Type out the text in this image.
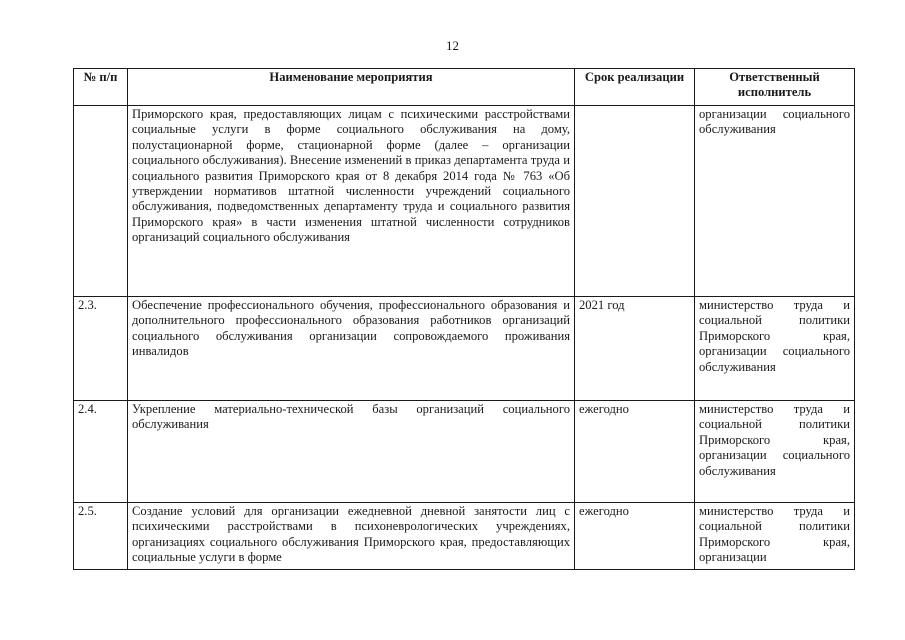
12
№ п/п	Наименование мероприятия	Срок реализации	Ответственный исполнитель
	Приморского края, предоставляющих лицам с психическими расстройствами социальные услуги в форме социального обслуживания на дому, полустационарной форме, стационарной форме (далее – организации социального обслуживания). Внесение изменений в приказ департамента труда и социального развития Приморского края от 8 декабря 2014 года № 763 «Об утверждении нормативов штатной численности учреждений социального обслуживания, подведомственных департаменту труда и социального развития Приморского края» в части изменения штатной численности сотрудников организаций социального обслуживания		организации социального обслуживания
2.3.	Обеспечение профессионального обучения, профессионального образования и дополнительного профессионального образования работников организаций социального обслуживания организации сопровождаемого проживания инвалидов	2021 год	министерство труда и социальной политики Приморского края, организации социального обслуживания
2.4.	Укрепление материально-технической базы организаций социального обслуживания	ежегодно	министерство труда и социальной политики Приморского края, организации социального обслуживания
2.5.	Создание условий для организации ежедневной дневной занятости лиц с психическими расстройствами в психоневрологических учреждениях, организациях социального обслуживания Приморского края, предоставляющих социальные услуги в форме	ежегодно	министерство труда и социальной политики Приморского края, организации
